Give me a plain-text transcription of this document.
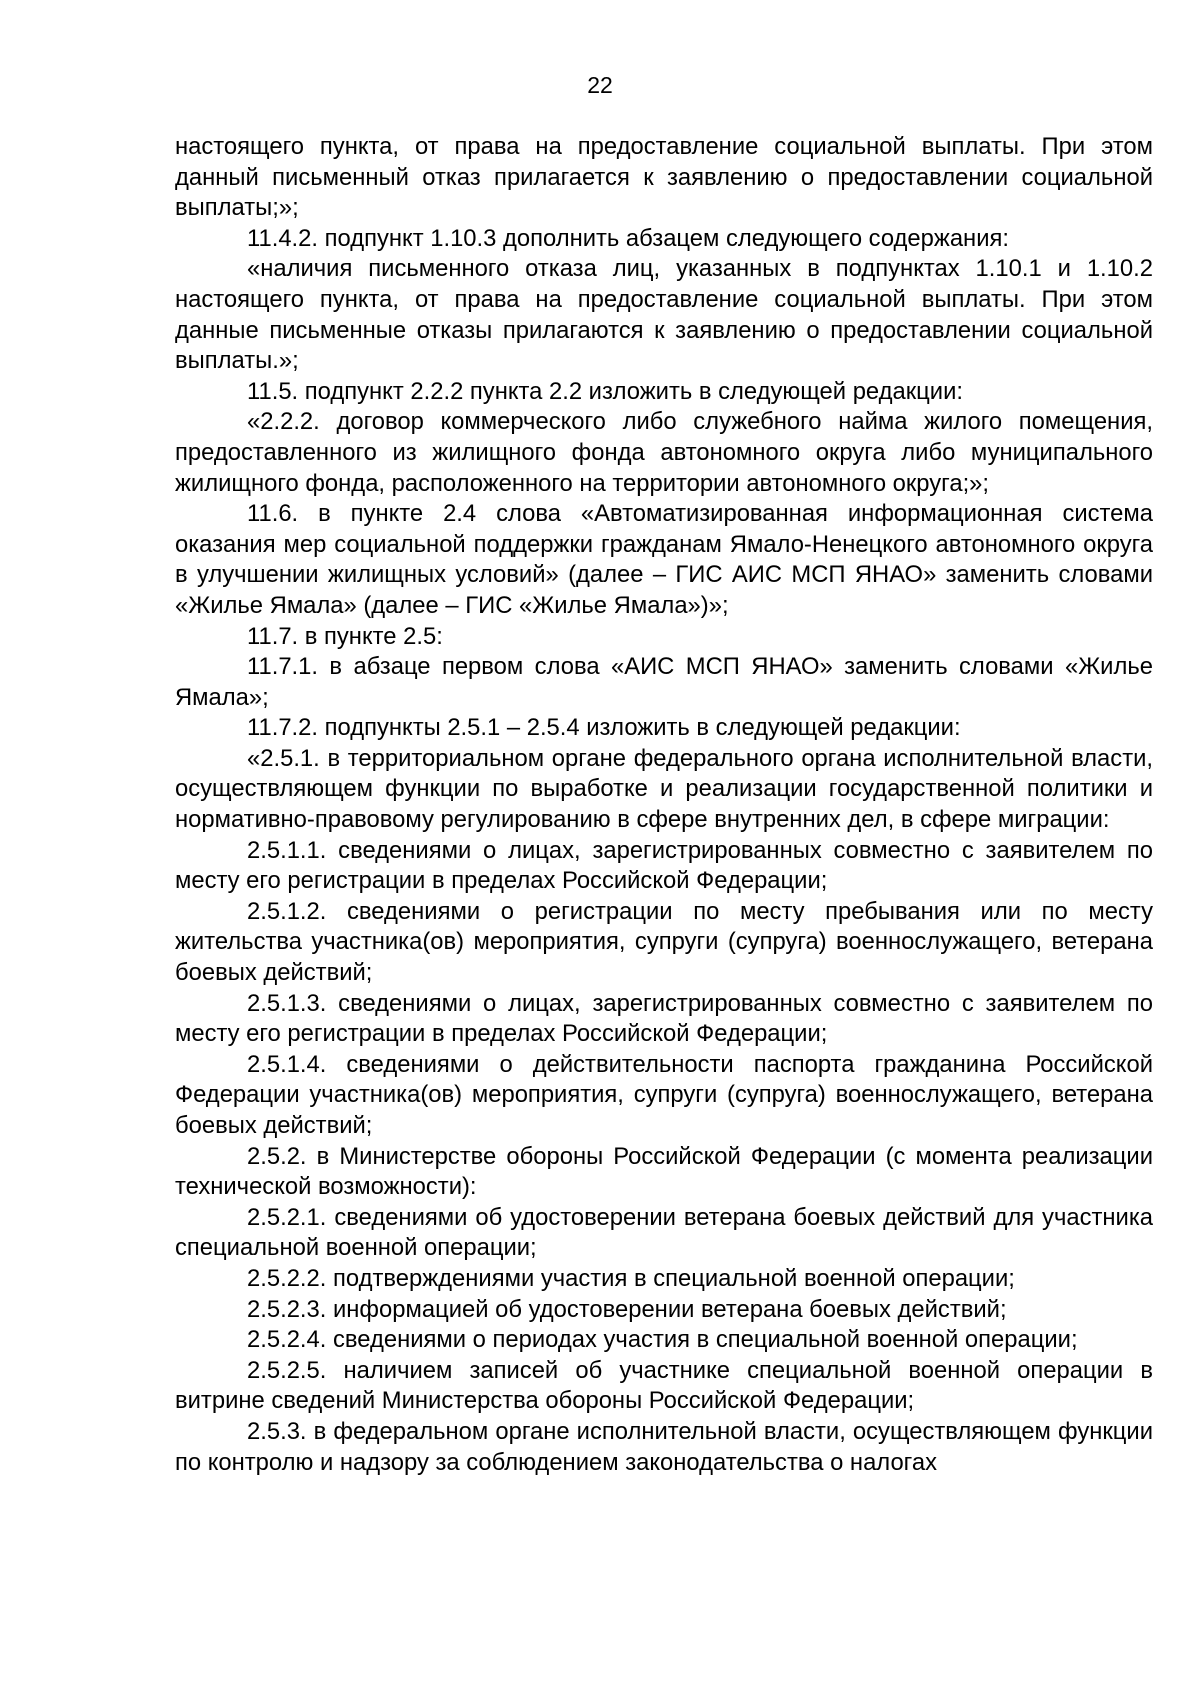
22

настоящего пункта, от права на предоставление социальной выплаты. При этом данный письменный отказ прилагается к заявлению о предоставлении социальной выплаты;»;

11.4.2. подпункт 1.10.3 дополнить абзацем следующего содержания:

«наличия письменного отказа лиц, указанных в подпунктах 1.10.1 и 1.10.2 настоящего пункта, от права на предоставление социальной выплаты. При этом данные письменные отказы прилагаются к заявлению о предоставлении социальной выплаты.»;

11.5. подпункт 2.2.2 пункта 2.2 изложить в следующей редакции:

«2.2.2. договор коммерческого либо служебного найма жилого помещения, предоставленного из жилищного фонда автономного округа либо муниципального жилищного фонда, расположенного на территории автономного округа;»;

11.6. в пункте 2.4 слова «Автоматизированная информационная система оказания мер социальной поддержки гражданам Ямало-Ненецкого автономного округа в улучшении жилищных условий» (далее – ГИС АИС МСП ЯНАО» заменить словами «Жилье Ямала» (далее – ГИС «Жилье Ямала»)»;

11.7. в пункте 2.5:

11.7.1. в абзаце первом слова «АИС МСП ЯНАО» заменить словами «Жилье Ямала»;

11.7.2. подпункты 2.5.1 – 2.5.4 изложить в следующей редакции:

«2.5.1. в территориальном органе федерального органа исполнительной власти, осуществляющем функции по выработке и реализации государственной политики и нормативно-правовому регулированию в сфере внутренних дел, в сфере миграции:

2.5.1.1. сведениями о лицах, зарегистрированных совместно с заявителем по месту его регистрации в пределах Российской Федерации;

2.5.1.2. сведениями о регистрации по месту пребывания или по месту жительства участника(ов) мероприятия, супруги (супруга) военнослужащего, ветерана боевых действий;

2.5.1.3. сведениями о лицах, зарегистрированных совместно с заявителем по месту его регистрации в пределах Российской Федерации;

2.5.1.4. сведениями о действительности паспорта гражданина Российской Федерации участника(ов) мероприятия, супруги (супруга) военнослужащего, ветерана боевых действий;

2.5.2. в Министерстве обороны Российской Федерации (с момента реализации технической возможности):

2.5.2.1. сведениями об удостоверении ветерана боевых действий для участника специальной военной операции;

2.5.2.2. подтверждениями участия в специальной военной операции;

2.5.2.3. информацией об удостоверении ветерана боевых действий;

2.5.2.4. сведениями о периодах участия в специальной военной операции;

2.5.2.5. наличием записей об участнике специальной военной операции в витрине сведений Министерства обороны Российской Федерации;

2.5.3. в федеральном органе исполнительной власти, осуществляющем функции по контролю и надзору за соблюдением законодательства о налогах
